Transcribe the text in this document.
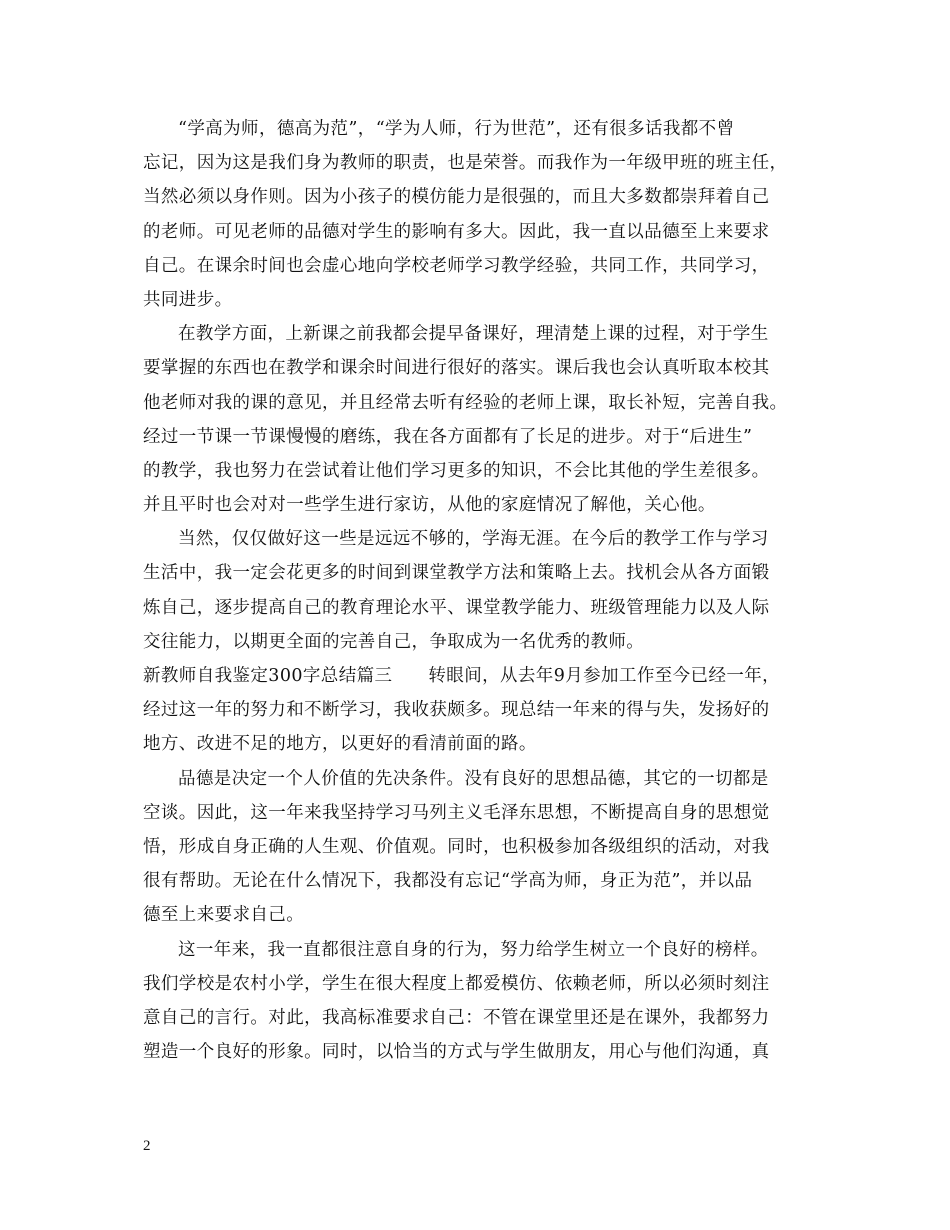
“学高为师，德高为范”，“学为人师，行为世范”，还有很多话我都不曾
忘记，因为这是我们身为教师的职责，也是荣誉。而我作为一年级甲班的班主任，
当然必须以身作则。因为小孩子的模仿能力是很强的，而且大多数都崇拜着自己
的老师。可见老师的品德对学生的影响有多大。因此，我一直以品德至上来要求
自己。在课余时间也会虚心地向学校老师学习教学经验，共同工作，共同学习，
共同进步。
在教学方面，上新课之前我都会提早备课好，理清楚上课的过程，对于学生
要掌握的东西也在教学和课余时间进行很好的落实。课后我也会认真听取本校其
他老师对我的课的意见，并且经常去听有经验的老师上课，取长补短，完善自我。
经过一节课一节课慢慢的磨练，我在各方面都有了长足的进步。对于“后进生”
的教学，我也努力在尝试着让他们学习更多的知识，不会比其他的学生差很多。
并且平时也会对对一些学生进行家访，从他的家庭情况了解他，关心他。
当然，仅仅做好这一些是远远不够的，学海无涯。在今后的教学工作与学习
生活中，我一定会花更多的时间到课堂教学方法和策略上去。找机会从各方面锻
炼自己，逐步提高自己的教育理论水平、课堂教学能力、班级管理能力以及人际
交往能力，以期更全面的完善自己，争取成为一名优秀的教师。
新教师自我鉴定300字总结篇三 转眼间，从去年9月参加工作至今已经一年，
经过这一年的努力和不断学习，我收获颇多。现总结一年来的得与失，发扬好的
地方、改进不足的地方，以更好的看清前面的路。
品德是决定一个人价值的先决条件。没有良好的思想品德，其它的一切都是
空谈。因此，这一年来我坚持学习马列主义毛泽东思想，不断提高自身的思想觉
悟，形成自身正确的人生观、价值观。同时，也积极参加各级组织的活动，对我
很有帮助。无论在什么情况下，我都没有忘记“学高为师，身正为范”，并以品
德至上来要求自己。
这一年来，我一直都很注意自身的行为，努力给学生树立一个良好的榜样。
我们学校是农村小学，学生在很大程度上都爱模仿、依赖老师，所以必须时刻注
意自己的言行。对此，我高标准要求自己：不管在课堂里还是在课外，我都努力
塑造一个良好的形象。同时，以恰当的方式与学生做朋友，用心与他们沟通，真
2
